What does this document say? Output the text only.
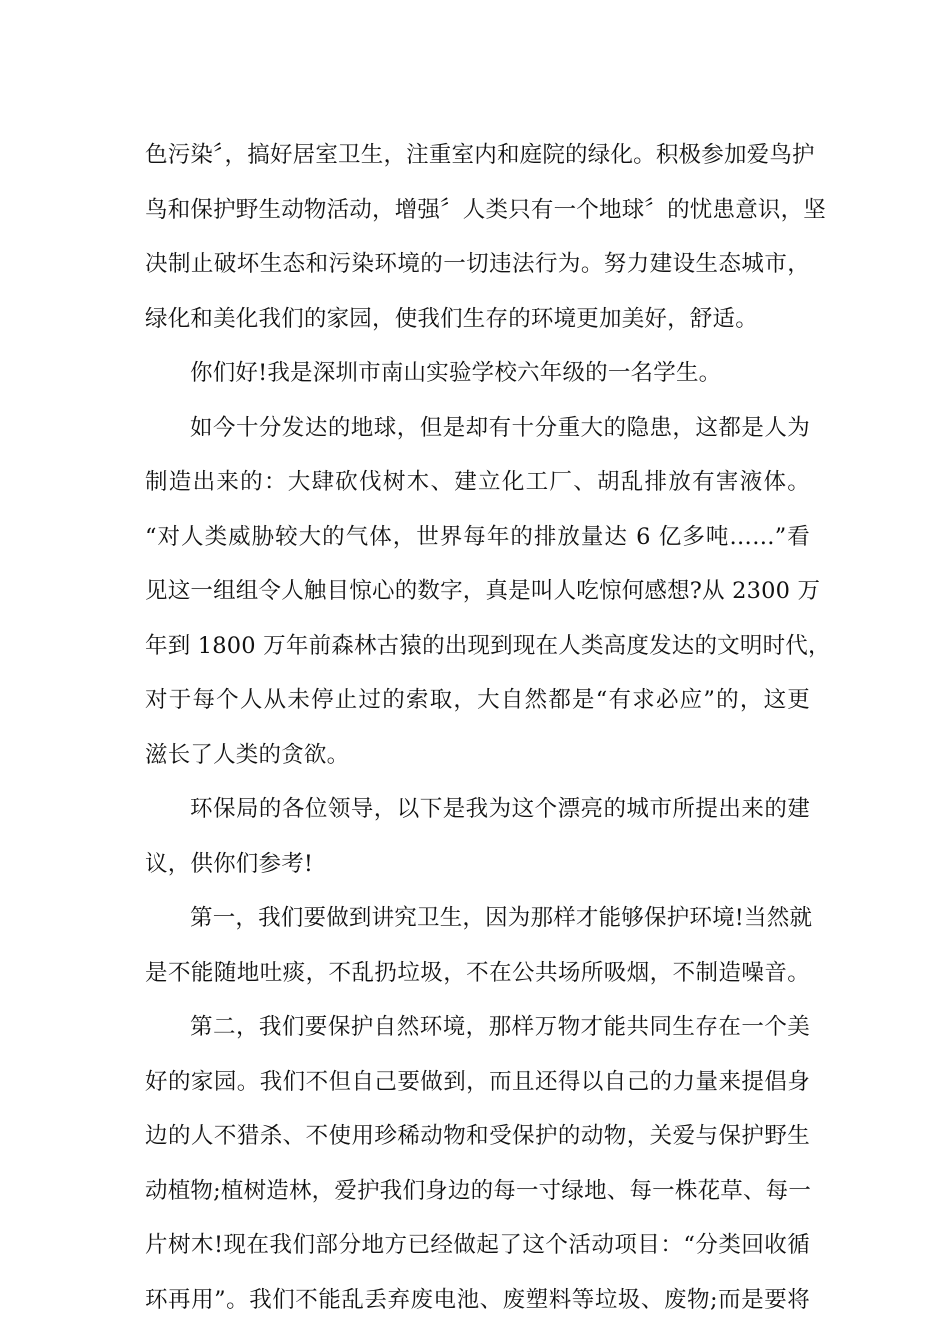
色污染〞，搞好居室卫生，注重室内和庭院的绿化。积极参加爱鸟护
鸟和保护野生动物活动，增强〞人类只有一个地球〞的忧患意识，坚
决制止破坏生态和污染环境的一切违法行为。努力建设生态城市，
绿化和美化我们的家园，使我们生存的环境更加美好，舒适。
你们好!我是深圳市南山实验学校六年级的一名学生。
如今十分发达的地球，但是却有十分重大的隐患，这都是人为
制造出来的：大肆砍伐树木、建立化工厂、胡乱排放有害液体。
“对人类威胁较大的气体，世界每年的排放量达 6 亿多吨……”看
见这一组组令人触目惊心的数字，真是叫人吃惊何感想?从 2300 万
年到 1800 万年前森林古猿的出现到现在人类高度发达的文明时代，
对于每个人从未停止过的索取，大自然都是“有求必应”的，这更
滋长了人类的贪欲。
环保局的各位领导，以下是我为这个漂亮的城市所提出来的建
议，供你们参考!
第一，我们要做到讲究卫生，因为那样才能够保护环境!当然就
是不能随地吐痰，不乱扔垃圾，不在公共场所吸烟，不制造噪音。
第二，我们要保护自然环境，那样万物才能共同生存在一个美
好的家园。我们不但自己要做到，而且还得以自己的力量来提倡身
边的人不猎杀、不使用珍稀动物和受保护的动物，关爱与保护野生
动植物;植树造林，爱护我们身边的每一寸绿地、每一株花草、每一
片树木!现在我们部分地方已经做起了这个活动项目：“分类回收循
环再用”。我们不能乱丢弃废电池、废塑料等垃圾、废物;而是要将
